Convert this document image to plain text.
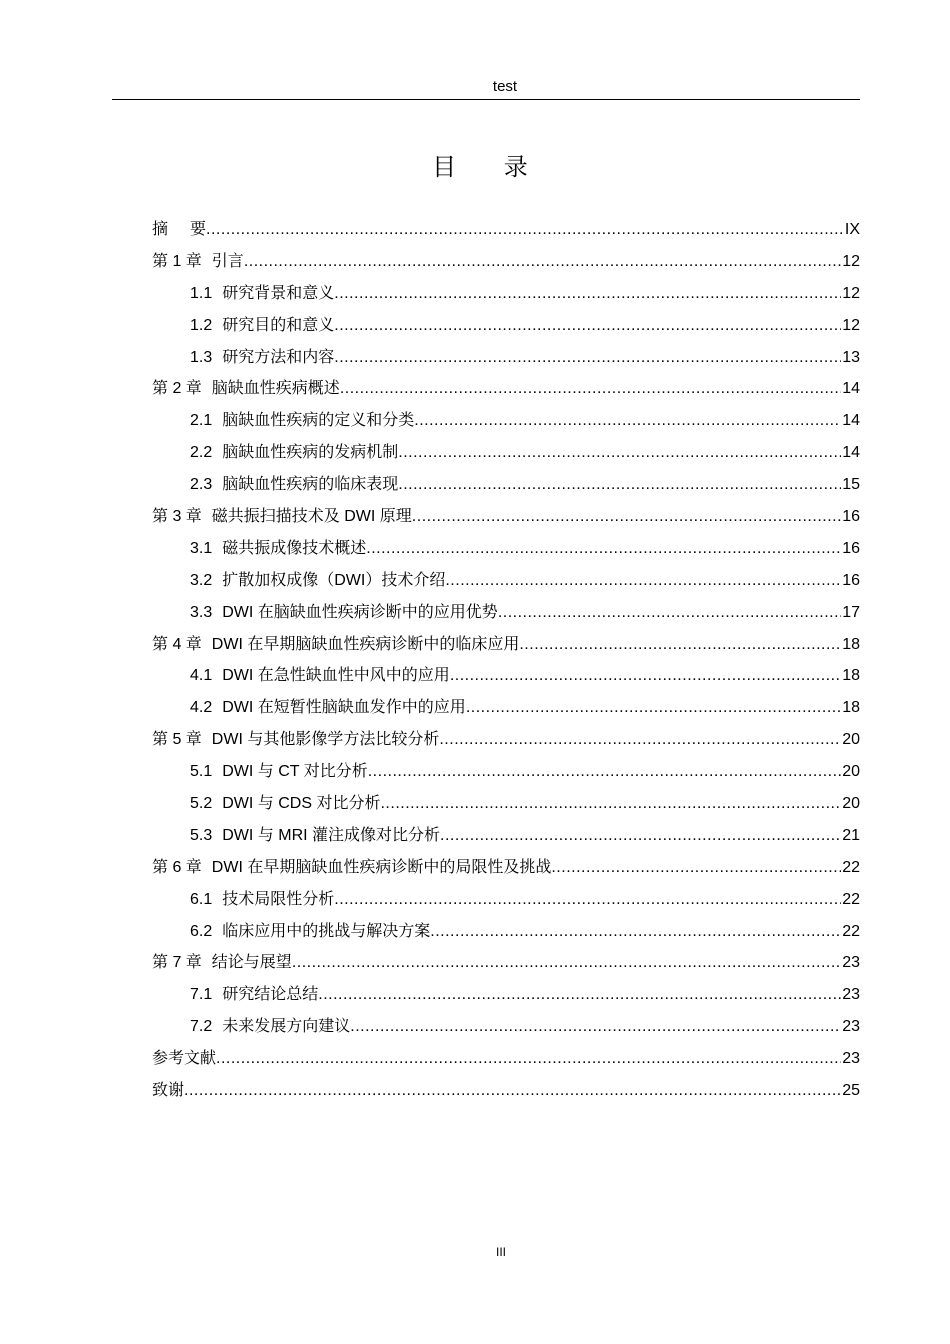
test
目 录
摘	要 .....	IX
第 1 章 引言 .....	12
1.1 研究背景和意义 .....	12
1.2 研究目的和意义 .....	12
1.3 研究方法和内容 .....	13
第 2 章 脑缺血性疾病概述 .....	14
2.1 脑缺血性疾病的定义和分类 .....	14
2.2 脑缺血性疾病的发病机制 .....	14
2.3 脑缺血性疾病的临床表现 .....	15
第 3 章 磁共振扫描技术及 DWI 原理 .....	16
3.1 磁共振成像技术概述 .....	16
3.2 扩散加权成像（DWI）技术介绍 .....	16
3.3 DWI 在脑缺血性疾病诊断中的应用优势 .....	17
第 4 章 DWI 在早期脑缺血性疾病诊断中的临床应用 .....	18
4.1 DWI 在急性缺血性中风中的应用 .....	18
4.2 DWI 在短暂性脑缺血发作中的应用 .....	18
第 5 章 DWI 与其他影像学方法比较分析 .....	20
5.1 DWI 与 CT 对比分析 .....	20
5.2 DWI 与 CDS 对比分析 .....	20
5.3 DWI 与 MRI 灌注成像对比分析 .....	21
第 6 章 DWI 在早期脑缺血性疾病诊断中的局限性及挑战 .....	22
6.1 技术局限性分析 .....	22
6.2 临床应用中的挑战与解决方案 .....	22
第 7 章 结论与展望 .....	23
7.1 研究结论总结 .....	23
7.2 未来发展方向建议 .....	23
参考文献 .....	23
致谢 .....	25
III
